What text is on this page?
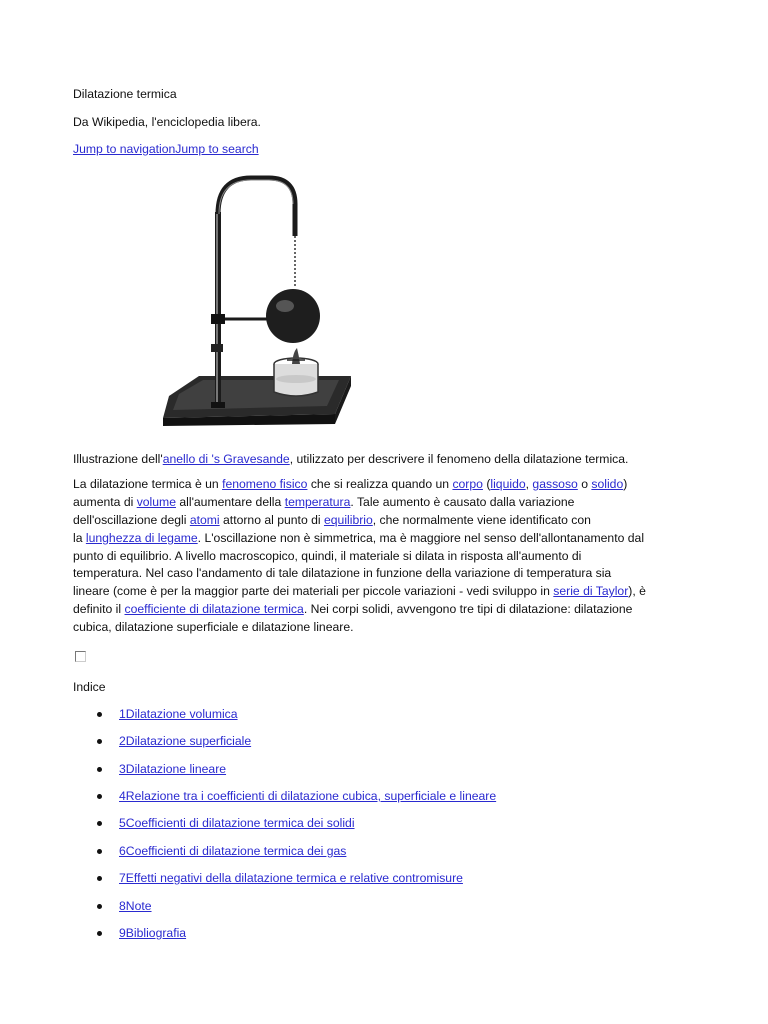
Dilatazione termica
Da Wikipedia, l'enciclopedia libera.
Jump to navigationJump to search
Illustrazione dell'anello di 's Gravesande, utilizzato per descrivere il fenomeno della dilatazione termica.
La dilatazione termica è un fenomeno fisico che si realizza quando un corpo (liquido, gassoso o solido)
aumenta di volume all'aumentare della temperatura. Tale aumento è causato dalla variazione
dell'oscillazione degli atomi attorno al punto di equilibrio, che normalmente viene identificato con
la lunghezza di legame. L'oscillazione non è simmetrica, ma è maggiore nel senso dell'allontanamento dal
punto di equilibrio. A livello macroscopico, quindi, il materiale si dilata in risposta all'aumento di
temperatura. Nel caso l'andamento di tale dilatazione in funzione della variazione di temperatura sia
lineare (come è per la maggior parte dei materiali per piccole variazioni - vedi sviluppo in serie di Taylor), è
definito il coefficiente di dilatazione termica. Nei corpi solidi, avvengono tre tipi di dilatazione: dilatazione
cubica, dilatazione superficiale e dilatazione lineare.
Indice
1Dilatazione volumica
2Dilatazione superficiale
3Dilatazione lineare
4Relazione tra i coefficienti di dilatazione cubica, superficiale e lineare
5Coefficienti di dilatazione termica dei solidi
6Coefficienti di dilatazione termica dei gas
7Effetti negativi della dilatazione termica e relative contromisure
8Note
9Bibliografia
